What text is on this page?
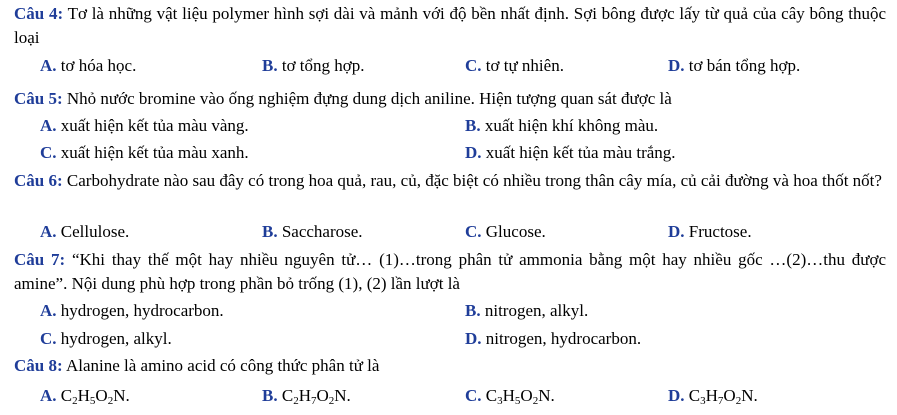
Câu 4: Tơ là những vật liệu polymer hình sợi dài và mảnh với độ bền nhất định. Sợi bông được lấy từ quả của cây bông thuộc loại
A. tơ hóa học.	B. tơ tổng hợp.	C. tơ tự nhiên.	D. tơ bán tổng hợp.
Câu 5: Nhỏ nước bromine vào ống nghiệm đựng dung dịch aniline. Hiện tượng quan sát được là
A. xuất hiện kết tủa màu vàng.	B. xuất hiện khí không màu.
C. xuất hiện kết tủa màu xanh.	D. xuất hiện kết tủa màu trắng.
Câu 6: Carbohydrate nào sau đây có trong hoa quả, rau, củ, đặc biệt có nhiều trong thân cây mía, củ cải đường và hoa thốt nốt?
A. Cellulose.	B. Saccharose.	C. Glucose.	D. Fructose.
Câu 7: “Khi thay thế một hay nhiều nguyên tử… (1)…trong phân tử ammonia bằng một hay nhiều gốc …(2)…thu được amine”. Nội dung phù hợp trong phần bỏ trống (1), (2) lần lượt là
A. hydrogen, hydrocarbon.	B. nitrogen, alkyl.
C. hydrogen, alkyl.	D. nitrogen, hydrocarbon.
Câu 8: Alanine là amino acid có công thức phân tử là
A. $C_2H_5O_2N$.	B. $C_2H_7O_2N$.	C. $C_3H_5O_2N$.	D. $C_3H_7O_2N$.
